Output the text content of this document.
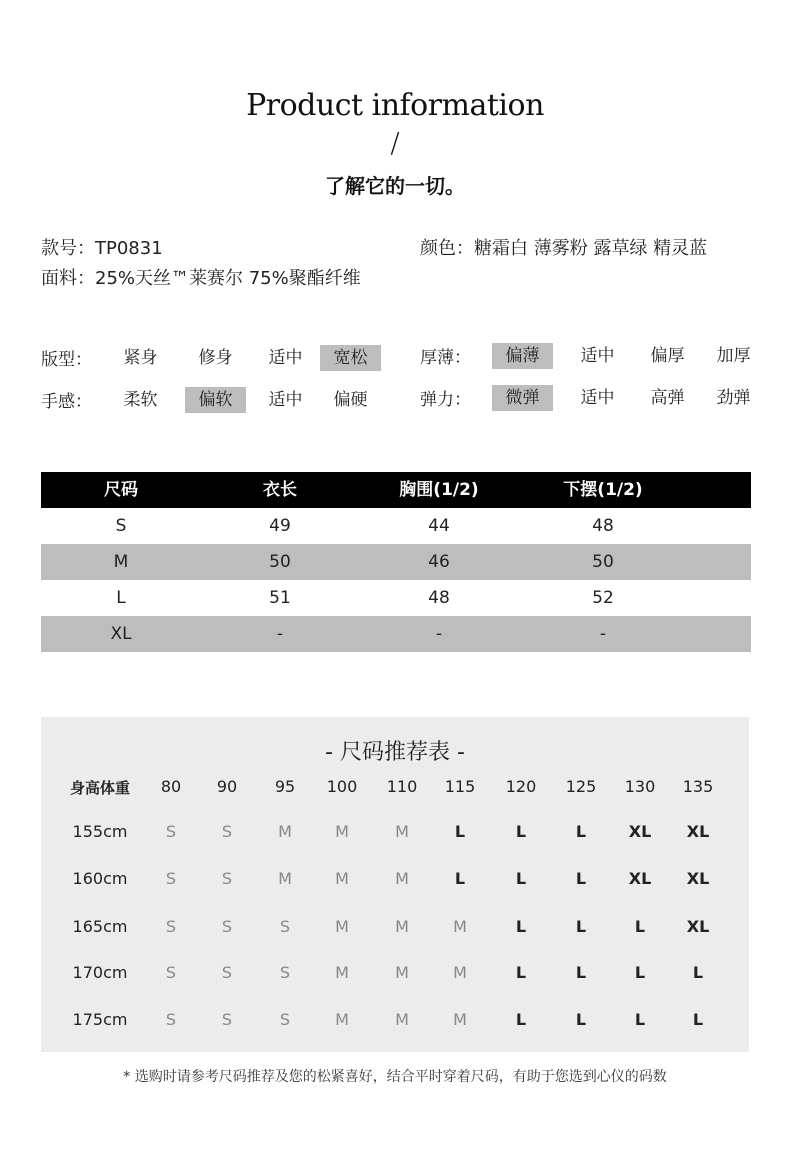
Product information
/
了解它的一切。
款号：TP0831	颜色：糖霜白 薄雾粉 露草绿 精灵蓝
面料：25%天丝™莱赛尔 75%聚酯纤维
版型：	紧身	修身	适中	宽松	厚薄：	偏薄	适中	偏厚	加厚
手感：	柔软	偏软	适中	偏硬	弹力：	微弹	适中	高弹	劲弹
尺码	衣长	胸围(1/2)	下摆(1/2)
S	49	44	48
M	50	46	50
L	51	48	52
XL	-	-	-
- 尺码推荐表 -
身高体重	80	90	95	100	110	115	120	125	130	135
155cm	S	S	M	M	M	L	L	L	XL	XL
160cm	S	S	M	M	M	L	L	L	XL	XL
165cm	S	S	S	M	M	M	L	L	L	XL
170cm	S	S	S	M	M	M	L	L	L	L
175cm	S	S	S	M	M	M	L	L	L	L
* 选购时请参考尺码推荐及您的松紧喜好，结合平时穿着尺码，有助于您选到心仪的码数
